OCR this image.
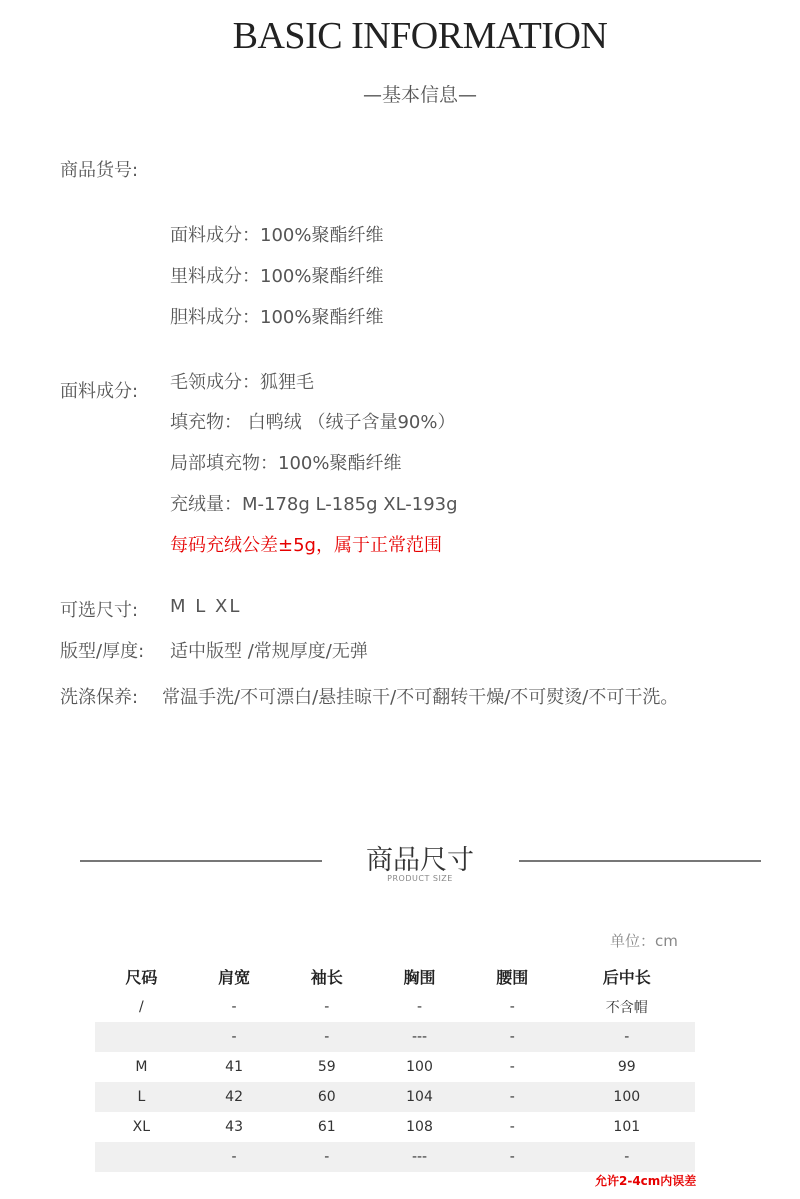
BASIC INFORMATION
—基本信息—
商品货号:
面料成分：100%聚酯纤维
里料成分：100%聚酯纤维
胆料成分：100%聚酯纤维
面料成分: 毛领成分：狐狸毛
填充物： 白鸭绒 （绒子含量90%）
局部填充物：100%聚酯纤维
充绒量：M-178g L-185g XL-193g
每码充绒公差±5g，属于正常范围
可选尺寸: M L XL
版型/厚度: 适中版型 /常规厚度/无弹
洗涤保养: 常温手洗/不可漂白/悬挂晾干/不可翻转干燥/不可熨烫/不可干洗。
商品尺寸
PRODUCT SIZE
单位：cm
尺码	肩宽	袖长	胸围	腰围	后中长
/	-	-	-	-	不含帽
	-	-	---	-	-
M	41	59	100	-	99
L	42	60	104	-	100
XL	43	61	108	-	101
	-	-	---	-	-
允许2-4cm内误差
